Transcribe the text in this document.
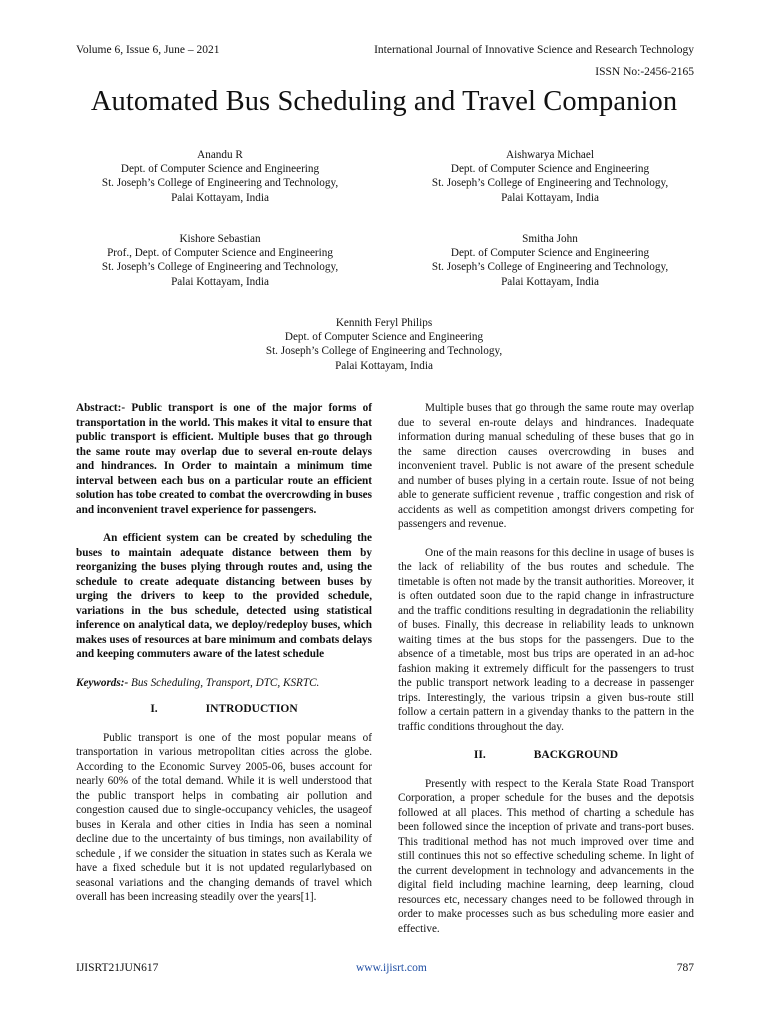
Volume 6, Issue 6, June – 2021	International Journal of Innovative Science and Research Technology
ISSN No:-2456-2165
Automated Bus Scheduling and Travel Companion
Anandu R
Dept. of Computer Science and Engineering
St. Joseph’s College of Engineering and Technology,
Palai Kottayam, India
Aishwarya Michael
Dept. of Computer Science and Engineering
St. Joseph’s College of Engineering and Technology,
Palai Kottayam, India
Kishore Sebastian
Prof., Dept. of Computer Science and Engineering
St. Joseph’s College of Engineering and Technology,
Palai Kottayam, India
Smitha John
Dept. of Computer Science and Engineering
St. Joseph’s College of Engineering and Technology,
Palai Kottayam, India
Kennith Feryl Philips
Dept. of Computer Science and Engineering
St. Joseph’s College of Engineering and Technology,
Palai Kottayam, India

Abstract:- Public transport is one of the major forms of transportation in the world. This makes it vital to ensure that public transport is efficient. Multiple buses that go through the same route may overlap due to several en-route delays and hindrances. In Order to maintain a minimum time interval between each bus on a particular route an efficient solution has tobe created to combat the overcrowding in buses and inconvenient travel experience for passengers.

An efficient system can be created by scheduling the buses to maintain adequate distance between them by reorganizing the buses plying through routes and, using the schedule to create adequate distancing between buses by urging the drivers to keep to the provided schedule, variations in the bus schedule, detected using statistical inference on analytical data, we deploy/redeploy buses, which makes uses of resources at bare minimum and combats delays and keeping commuters aware of the latest schedule

Keywords:- Bus Scheduling, Transport, DTC, KSRTC.

I.	INTRODUCTION

Public transport is one of the most popular means of transportation in various metropolitan cities across the globe. According to the Economic Survey 2005-06, buses account for nearly 60% of the total demand. While it is well understood that the public transport helps in combating air pollution and congestion caused due to single-occupancy vehicles, the usageof buses in Kerala and other cities in India has seen a nominal decline due to the uncertainty of bus timings, non availability of schedule , if we consider the situation in states such as Kerala we have a fixed schedule but it is not updated regularlybased on seasonal variations and the changing demands of travel which overall has been increasing steadily over the years[1].

Multiple buses that go through the same route may overlap due to several en-route delays and hindrances. Inadequate information during manual scheduling of these buses that go in the same direction causes overcrowding in buses and inconvenient travel. Public is not aware of the present schedule and number of buses plying in a certain route. Issue of not being able to generate sufficient revenue , traffic congestion and risk of accidents as well as competition amongst drivers competing for passengers and revenue.

One of the main reasons for this decline in usage of buses is the lack of reliability of the bus routes and schedule. The timetable is often not made by the transit authorities. Moreover, it is often outdated soon due to the rapid change in infrastructure and the traffic conditions resulting in degradationin the reliability of buses. Finally, this decrease in reliability leads to unknown waiting times at the bus stops for the passengers. Due to the absence of a timetable, most bus trips are operated in an ad-hoc fashion making it extremely difficult for the passengers to trust the public transport network leading to a decrease in passenger trips. Interestingly, the various tripsin a given bus-route still follow a certain pattern in a givenday thanks to the pattern in the traffic conditions throughout the day.

II.	BACKGROUND

Presently with respect to the Kerala State Road Transport Corporation, a proper schedule for the buses and the depotsis followed at all places. This method of charting a schedule has been followed since the inception of private and trans-port buses. This traditional method has not much improved over time and still continues this not so effective scheduling scheme. In light of the current development in technology and advancements in the digital field including machine learning, deep learning, cloud resources etc, necessary changes need to be followed through in order to make processes such as bus scheduling more easier and effective.

IJISRT21JUN617	www.ijisrt.com	787
